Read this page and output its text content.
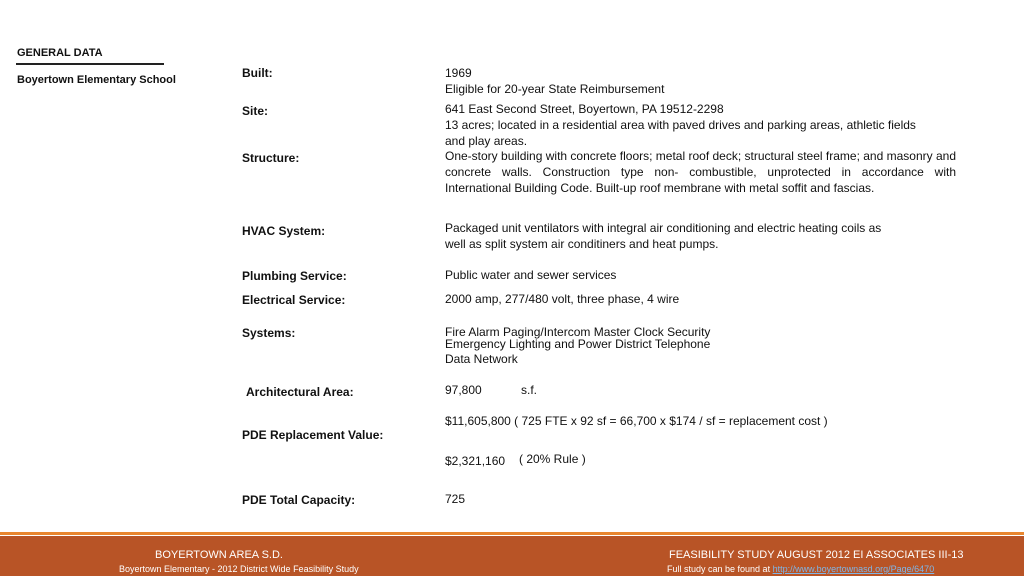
GENERAL DATA
Boyertown Elementary School	Built:	1969
Eligible for 20-year State Reimbursement
Site:	641 East Second Street, Boyertown, PA 19512-2298
13 acres; located in a residential area with paved drives and parking areas, athletic fields
and play areas.
Structure:	One-story building with concrete floors; metal roof deck; structural steel frame; and masonry and concrete walls. Construction type non- combustible, unprotected in accordance with International Building Code. Built-up roof membrane with metal soffit and fascias.
HVAC System:	Packaged unit ventilators with integral air conditioning and electric heating coils as
well as split system air conditiners and heat pumps.
Plumbing Service:	Public water and sewer services
Electrical Service:	2000 amp, 277/480 volt, three phase, 4 wire
Systems:	Fire Alarm Paging/Intercom Master Clock Security
Emergency Lighting and Power District Telephone
Data Network
Architectural Area:	97,800	s.f.
PDE Replacement Value:
$11,605,800 ( 725 FTE x 92 sf = 66,700 x $174 / sf = replacement cost )
$2,321,160 ( 20% Rule )
PDE Total Capacity:	725
BOYERTOWN AREA S.D.
Boyertown Elementary - 2012 District Wide Feasibility Study
FEASIBILITY STUDY AUGUST 2012 EI ASSOCIATES III-13
Full study can be found at http://www.boyertownasd.org/Page/6470
